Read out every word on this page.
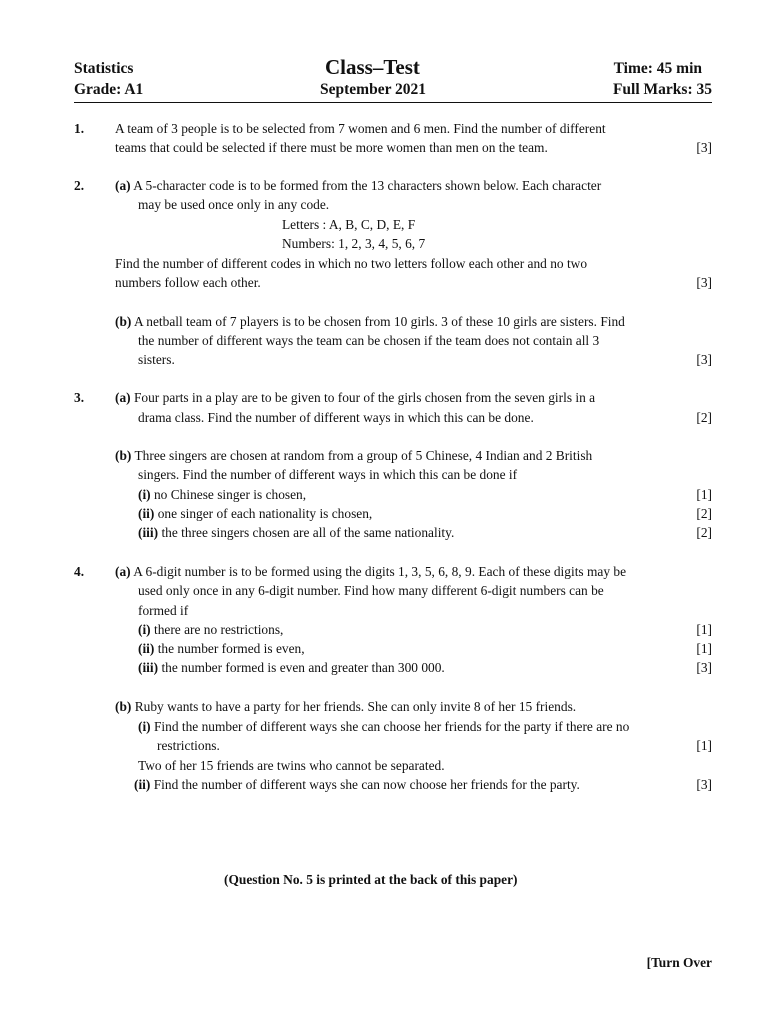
Statistics
Grade: A1
Class–Test
September 2021
Time: 45 min
Full Marks: 35
1. A team of 3 people is to be selected from 7 women and 6 men. Find the number of different
teams that could be selected if there must be more women than men on the team.	[3]
2. (a) A 5-character code is to be formed from the 13 characters shown below. Each character
may be used once only in any code.
Letters : A, B, C, D, E, F
Numbers: 1, 2, 3, 4, 5, 6, 7
Find the number of different codes in which no two letters follow each other and no two
numbers follow each other.	[3]
(b) A netball team of 7 players is to be chosen from 10 girls. 3 of these 10 girls are sisters. Find
the number of different ways the team can be chosen if the team does not contain all 3
sisters.	[3]
3. (a) Four parts in a play are to be given to four of the girls chosen from the seven girls in a
drama class. Find the number of different ways in which this can be done.	[2]
(b) Three singers are chosen at random from a group of 5 Chinese, 4 Indian and 2 British
singers. Find the number of different ways in which this can be done if
(i) no Chinese singer is chosen,	[1]
(ii) one singer of each nationality is chosen,	[2]
(iii) the three singers chosen are all of the same nationality.	[2]
4. (a) A 6-digit number is to be formed using the digits 1, 3, 5, 6, 8, 9. Each of these digits may be
used only once in any 6-digit number. Find how many different 6-digit numbers can be
formed if
(i) there are no restrictions,	[1]
(ii) the number formed is even,	[1]
(iii) the number formed is even and greater than 300 000.	[3]
(b) Ruby wants to have a party for her friends. She can only invite 8 of her 15 friends.
(i) Find the number of different ways she can choose her friends for the party if there are no
restrictions.	[1]
Two of her 15 friends are twins who cannot be separated.
(ii) Find the number of different ways she can now choose her friends for the party.	[3]
(Question No. 5 is printed at the back of this paper)
[Turn Over
